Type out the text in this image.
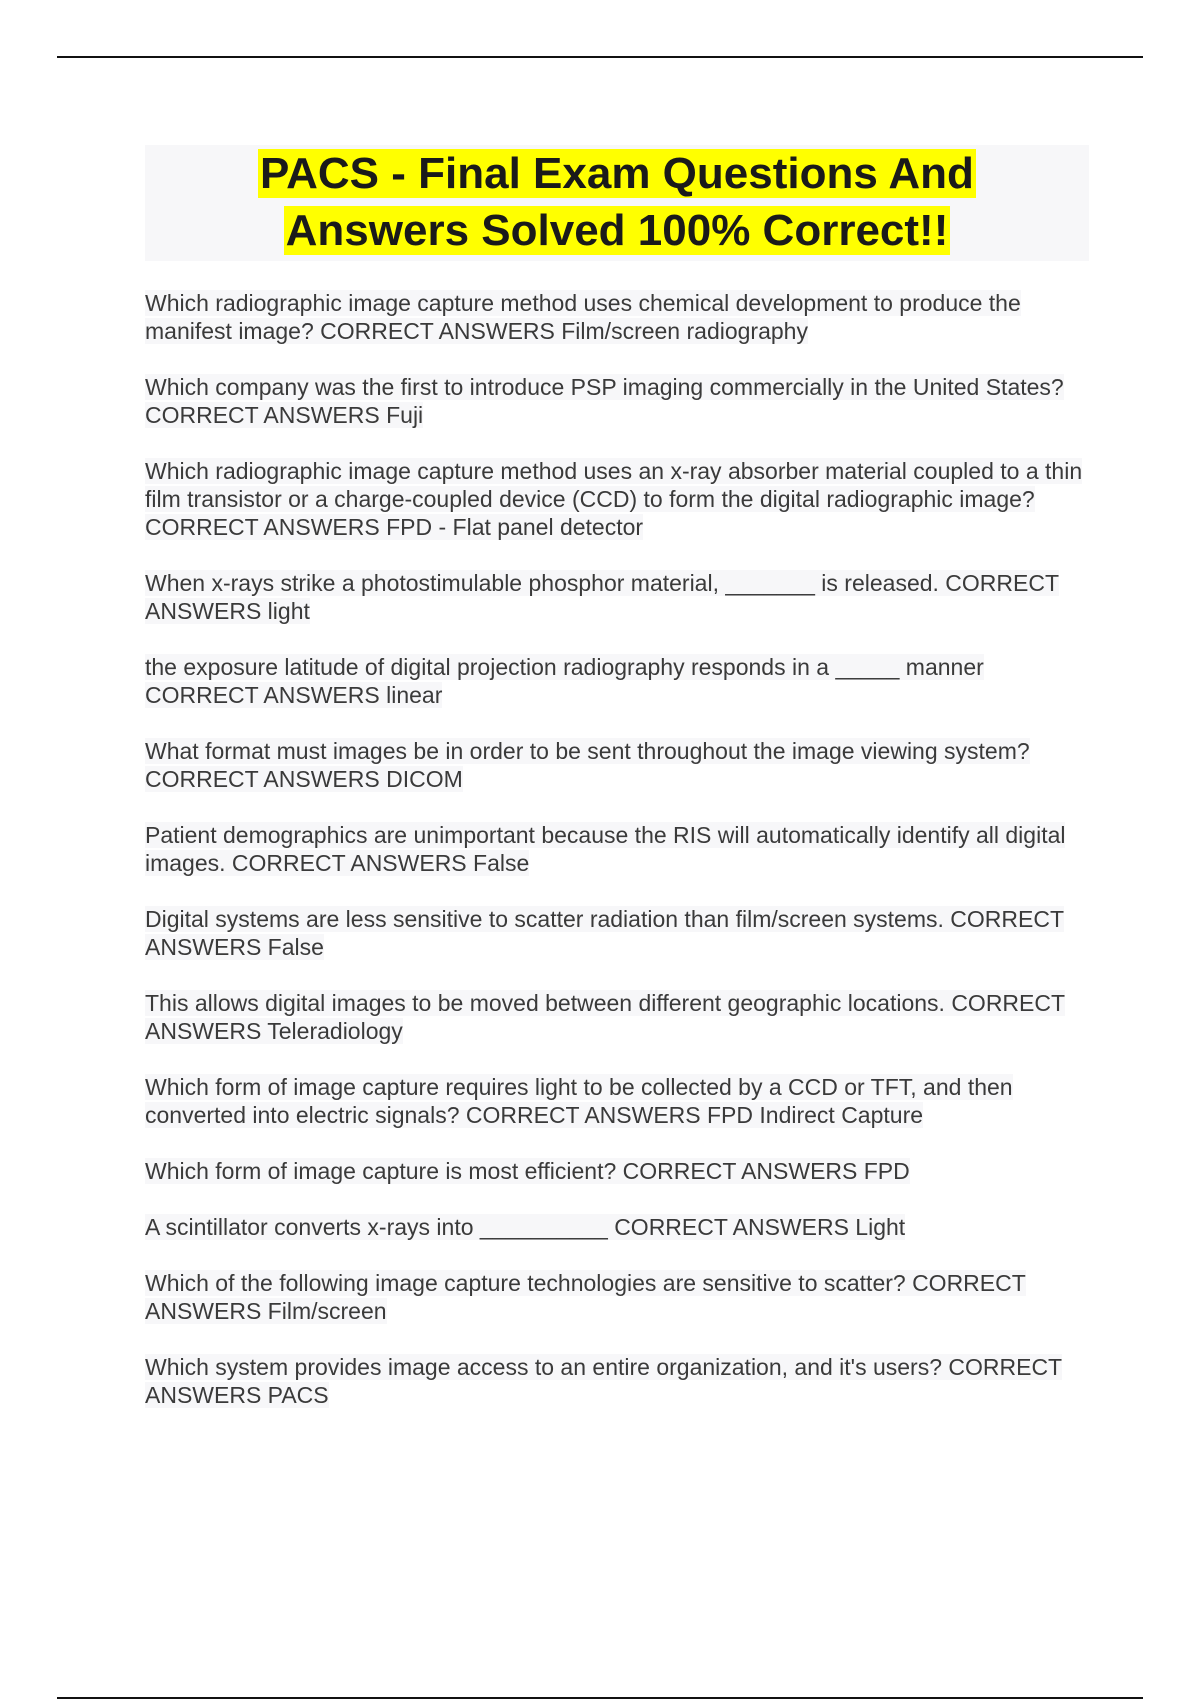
PACS - Final Exam Questions And
Answers Solved 100% Correct!!
Which radiographic image capture method uses chemical development to produce the manifest image? CORRECT ANSWERS Film/screen radiography
Which company was the first to introduce PSP imaging commercially in the United States? CORRECT ANSWERS Fuji
Which radiographic image capture method uses an x-ray absorber material coupled to a thin film transistor or a charge-coupled device (CCD) to form the digital radiographic image? CORRECT ANSWERS FPD - Flat panel detector
When x-rays strike a photostimulable phosphor material, _______ is released. CORRECT ANSWERS light
the exposure latitude of digital projection radiography responds in a _____ manner CORRECT ANSWERS linear
What format must images be in order to be sent throughout the image viewing system? CORRECT ANSWERS DICOM
Patient demographics are unimportant because the RIS will automatically identify all digital images. CORRECT ANSWERS False
Digital systems are less sensitive to scatter radiation than film/screen systems. CORRECT ANSWERS False
This allows digital images to be moved between different geographic locations. CORRECT ANSWERS Teleradiology
Which form of image capture requires light to be collected by a CCD or TFT, and then converted into electric signals? CORRECT ANSWERS FPD Indirect Capture
Which form of image capture is most efficient? CORRECT ANSWERS FPD
A scintillator converts x-rays into __________ CORRECT ANSWERS Light
Which of the following image capture technologies are sensitive to scatter? CORRECT ANSWERS Film/screen
Which system provides image access to an entire organization, and it's users? CORRECT ANSWERS PACS
